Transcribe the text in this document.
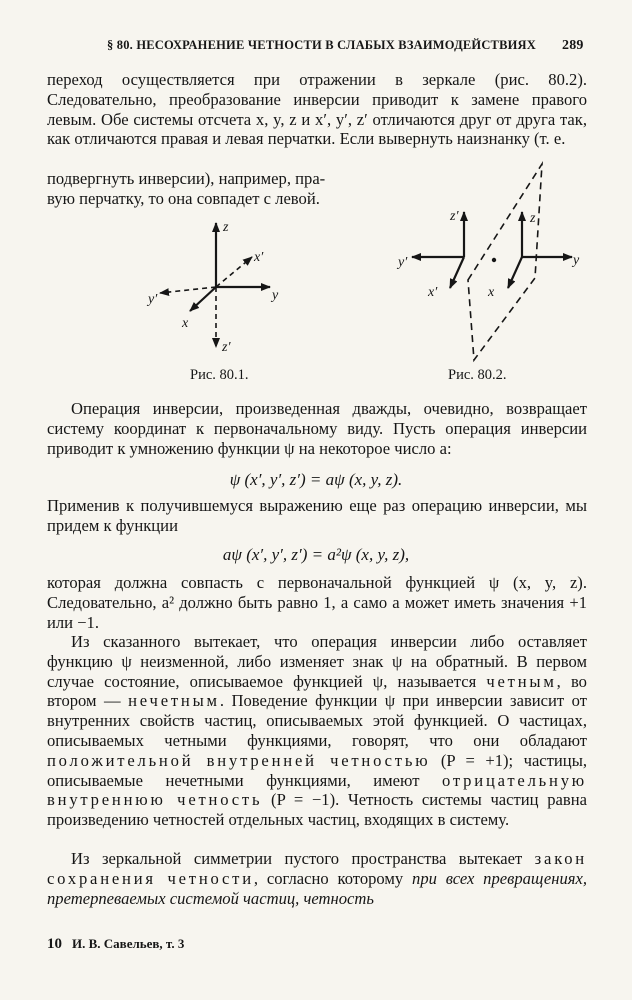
§ 80. НЕСОХРАНЕНИЕ ЧЕТНОСТИ В СЛАБЫХ ВЗАИМОДЕЙСТВИЯХ 289
переход осуществляется при отражении в зеркале (рис. 80.2). Следовательно, преобразование инверсии приводит к замене правого левым. Обе системы отсчета x, y, z и x′, y′, z′ отличаются друг от друга так, как отличаются правая и левая перчатки. Если вывернуть наизнанку (т. е.
подвергнуть инверсии), например, пра-
вую перчатку, то она совпадет с левой.
z
x′
y′	y
x
z′
Рис. 80.1.
z′	z
y′	y
x′	x
Рис. 80.2.
Операция инверсии, произведенная дважды, очевидно, возвращает систему координат к первоначальному виду. Пусть операция инверсии приводит к умножению функции ψ на некоторое число a:
ψ (x′, y′, z′) = aψ (x, y, z).
Применив к получившемуся выражению еще раз операцию инверсии, мы придем к функции
aψ (x′, y′, z′) = a²ψ (x, y, z),
которая должна совпасть с первоначальной функцией ψ (x, y, z). Следовательно, a² должно быть равно 1, а само a может иметь значения +1 или −1.
Из сказанного вытекает, что операция инверсии либо оставляет функцию ψ неизменной, либо изменяет знак ψ на обратный. В первом случае состояние, описываемое функцией ψ, называется четным, во втором — нечетным. Поведение функции ψ при инверсии зависит от внутренних свойств частиц, описываемых этой функцией. О частицах, описываемых четными функциями, говорят, что они обладают положительной внутренней четностью (P = +1); частицы, описываемые нечетными функциями, имеют отрицательную внутреннюю четность (P = −1). Четность системы частиц равна произведению четностей отдельных частиц, входящих в систему.
Из зеркальной симметрии пустого пространства вытекает закон сохранения четности, согласно которому при всех превращениях, претерпеваемых системой частиц, четность
10 И. В. Савельев, т. 3
